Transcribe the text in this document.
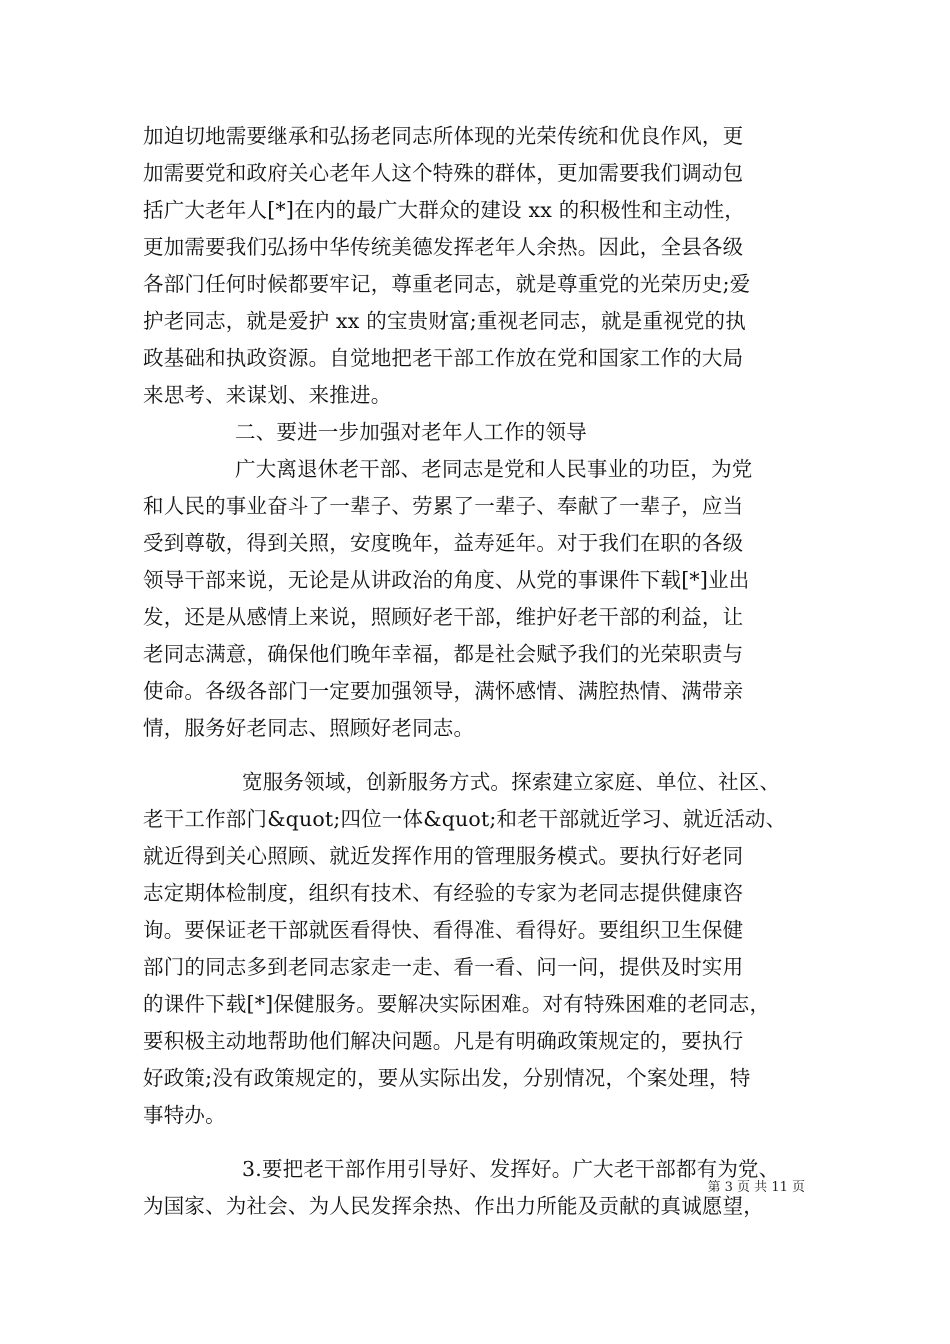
加迫切地需要继承和弘扬老同志所体现的光荣传统和优良作风，更
加需要党和政府关心老年人这个特殊的群体，更加需要我们调动包
括广大老年人[*]在内的最广大群众的建设 xx 的积极性和主动性，
更加需要我们弘扬中华传统美德发挥老年人余热。因此，全县各级
各部门任何时候都要牢记，尊重老同志，就是尊重党的光荣历史;爱
护老同志，就是爱护 xx 的宝贵财富;重视老同志，就是重视党的执
政基础和执政资源。自觉地把老干部工作放在党和国家工作的大局
来思考、来谋划、来推进。
二、要进一步加强对老年人工作的领导
广大离退休老干部、老同志是党和人民事业的功臣，为党
和人民的事业奋斗了一辈子、劳累了一辈子、奉献了一辈子，应当
受到尊敬，得到关照，安度晚年，益寿延年。对于我们在职的各级
领导干部来说，无论是从讲政治的角度、从党的事课件下载[*]业出
发，还是从感情上来说，照顾好老干部，维护好老干部的利益，让
老同志满意，确保他们晚年幸福，都是社会赋予我们的光荣职责与
使命。各级各部门一定要加强领导，满怀感情、满腔热情、满带亲
情，服务好老同志、照顾好老同志。
宽服务领域，创新服务方式。探索建立家庭、单位、社区、
老干工作部门&quot;四位一体&quot;和老干部就近学习、就近活动、
就近得到关心照顾、就近发挥作用的管理服务模式。要执行好老同
志定期体检制度，组织有技术、有经验的专家为老同志提供健康咨
询。要保证老干部就医看得快、看得准、看得好。要组织卫生保健
部门的同志多到老同志家走一走、看一看、问一问，提供及时实用
的课件下载[*]保健服务。要解决实际困难。对有特殊困难的老同志，
要积极主动地帮助他们解决问题。凡是有明确政策规定的，要执行
好政策;没有政策规定的，要从实际出发，分别情况，个案处理，特
事特办。
3.要把老干部作用引导好、发挥好。广大老干部都有为党、
为国家、为社会、为人民发挥余热、作出力所能及贡献的真诚愿望，
第 3 页 共 11 页
